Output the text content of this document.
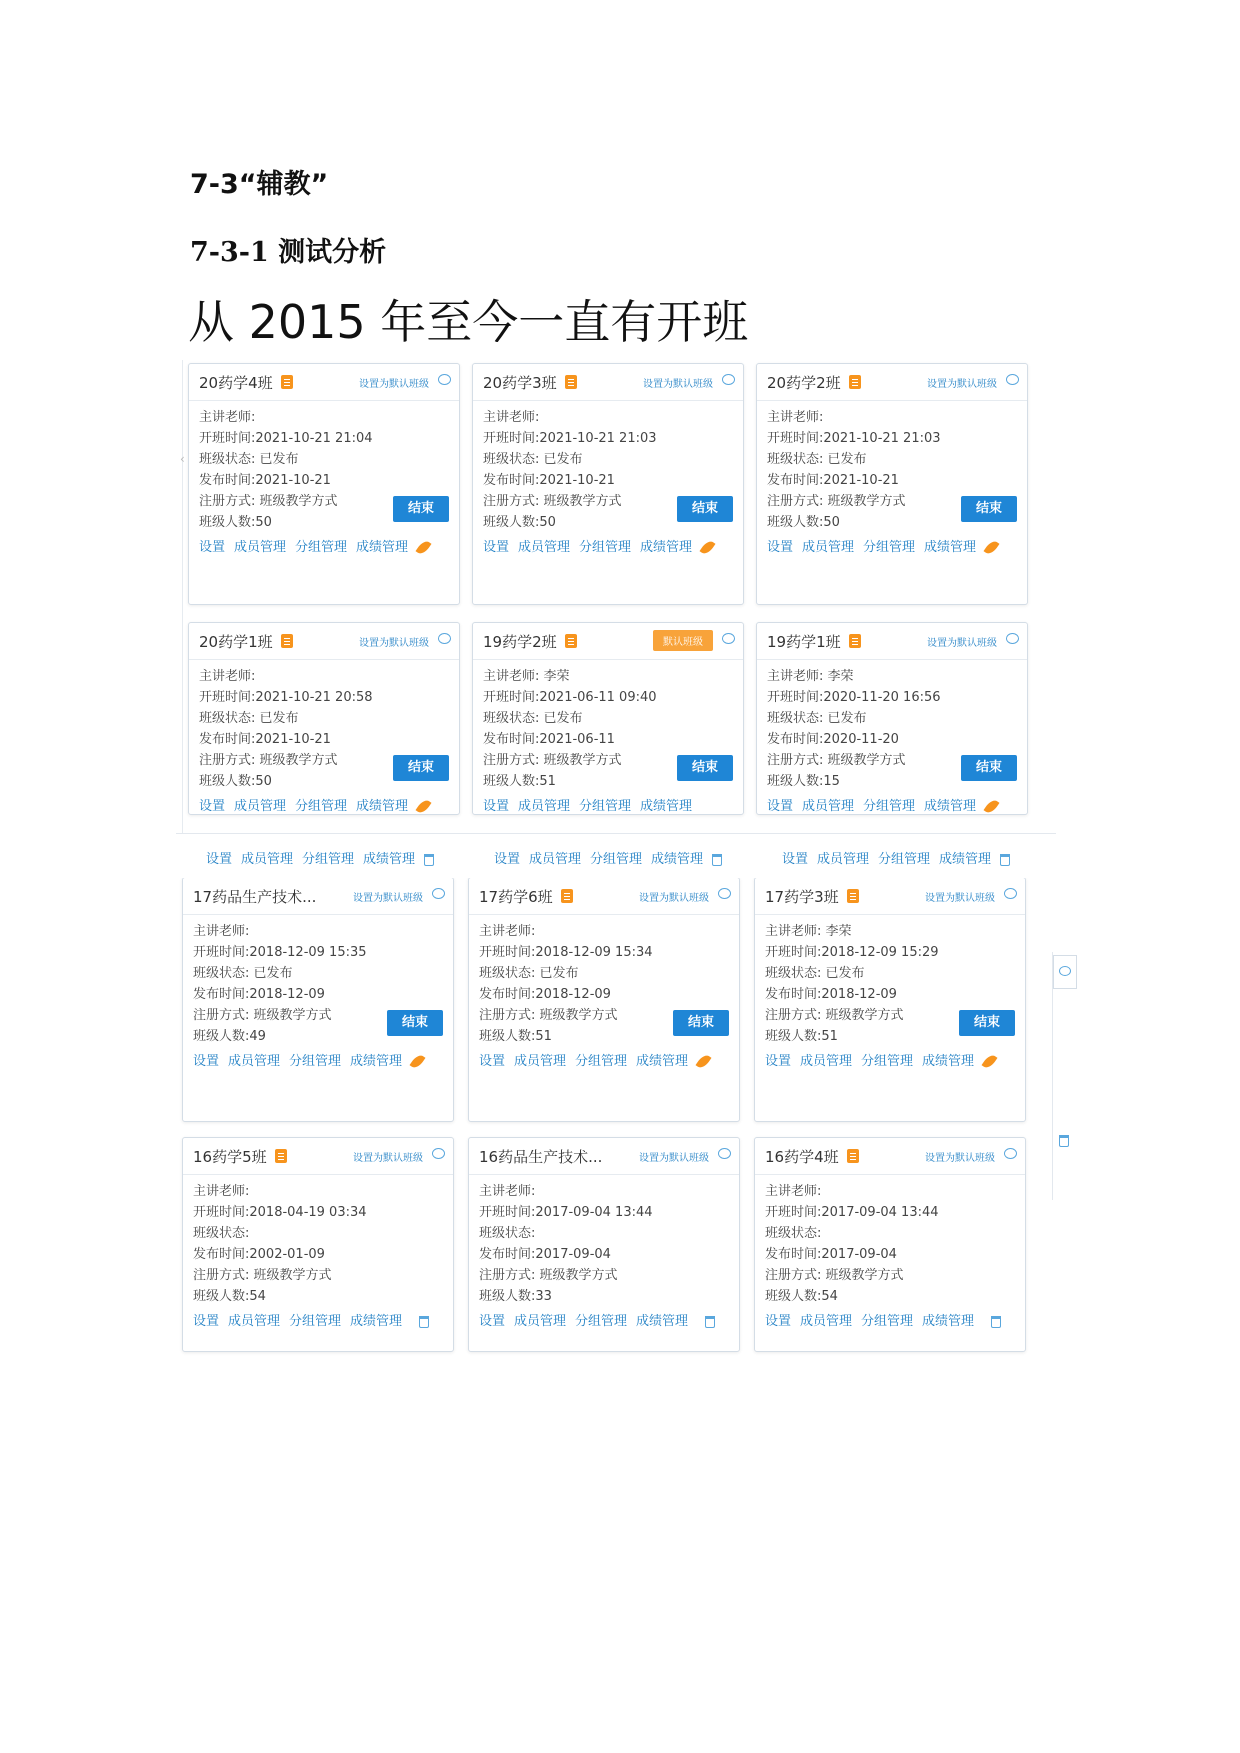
7-3“辅教”
7-3-1 测试分析
从 2015 年至今一直有开班
‹
20药学4班	设置为默认班级
主讲老师:
开班时间:2021-10-21 21:04
班级状态: 已发布
发布时间:2021-10-21
注册方式: 班级教学方式
班级人数:50
结束
设置 成员管理 分组管理 成绩管理
20药学3班	设置为默认班级
主讲老师:
开班时间:2021-10-21 21:03
班级状态: 已发布
发布时间:2021-10-21
注册方式: 班级教学方式
班级人数:50
结束
设置 成员管理 分组管理 成绩管理
20药学2班	设置为默认班级
主讲老师:
开班时间:2021-10-21 21:03
班级状态: 已发布
发布时间:2021-10-21
注册方式: 班级教学方式
班级人数:50
结束
设置 成员管理 分组管理 成绩管理
20药学1班	设置为默认班级
主讲老师:
开班时间:2021-10-21 20:58
班级状态: 已发布
发布时间:2021-10-21
注册方式: 班级教学方式
班级人数:50
结束
设置 成员管理 分组管理 成绩管理
19药学2班	默认班级
主讲老师: 李荣
开班时间:2021-06-11 09:40
班级状态: 已发布
发布时间:2021-06-11
注册方式: 班级教学方式
班级人数:51
结束
设置 成员管理 分组管理 成绩管理
19药学1班	设置为默认班级
主讲老师: 李荣
开班时间:2020-11-20 16:56
班级状态: 已发布
发布时间:2020-11-20
注册方式: 班级教学方式
班级人数:15
结束
设置 成员管理 分组管理 成绩管理
17药品生产技术...	设置为默认班级
主讲老师:
开班时间:2018-12-09 15:35
班级状态: 已发布
发布时间:2018-12-09
注册方式: 班级教学方式
班级人数:49
结束
设置 成员管理 分组管理 成绩管理
17药学6班	设置为默认班级
主讲老师:
开班时间:2018-12-09 15:34
班级状态: 已发布
发布时间:2018-12-09
注册方式: 班级教学方式
班级人数:51
结束
设置 成员管理 分组管理 成绩管理
17药学3班	设置为默认班级
主讲老师: 李荣
开班时间:2018-12-09 15:29
班级状态: 已发布
发布时间:2018-12-09
注册方式: 班级教学方式
班级人数:51
结束
设置 成员管理 分组管理 成绩管理
16药学5班	设置为默认班级
主讲老师:
开班时间:2018-04-19 03:34
班级状态:
发布时间:2002-01-09
注册方式: 班级教学方式
班级人数:54
设置 成员管理 分组管理 成绩管理
16药品生产技术...	设置为默认班级
主讲老师:
开班时间:2017-09-04 13:44
班级状态:
发布时间:2017-09-04
注册方式: 班级教学方式
班级人数:33
设置 成员管理 分组管理 成绩管理
16药学4班	设置为默认班级
主讲老师:
开班时间:2017-09-04 13:44
班级状态:
发布时间:2017-09-04
注册方式: 班级教学方式
班级人数:54
设置 成员管理 分组管理 成绩管理
设置 成员管理 分组管理 成绩管理	设置 成员管理 分组管理 成绩管理	设置 成员管理 分组管理 成绩管理
